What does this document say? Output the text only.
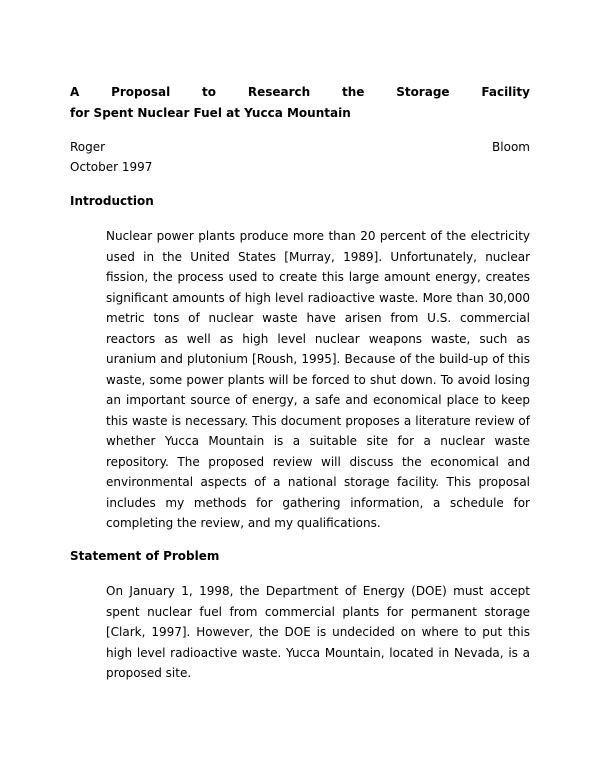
A	Proposal	to	Research	the	Storage	Facility
for Spent Nuclear Fuel at Yucca Mountain
Roger	Bloom
October 1997
Introduction

Nuclear power plants produce more than 20 percent of the electricity used in the United States [Murray, 1989]. Unfortunately, nuclear fission, the process used to create this large amount energy, creates significant amounts of high level radioactive waste. More than 30,000 metric tons of nuclear waste have arisen from U.S. commercial reactors as well as high level nuclear weapons waste, such as uranium and plutonium [Roush, 1995]. Because of the build-up of this waste, some power plants will be forced to shut down. To avoid losing an important source of energy, a safe and economical place to keep this waste is necessary. This document proposes a literature review of whether Yucca Mountain is a suitable site for a nuclear waste repository. The proposed review will discuss the economical and environmental aspects of a national storage facility. This proposal includes my methods for gathering information, a schedule for completing the review, and my qualifications.

Statement of Problem

On January 1, 1998, the Department of Energy (DOE) must accept spent nuclear fuel from commercial plants for permanent storage [Clark, 1997]. However, the DOE is undecided on where to put this high level radioactive waste. Yucca Mountain, located in Nevada, is a proposed site.
